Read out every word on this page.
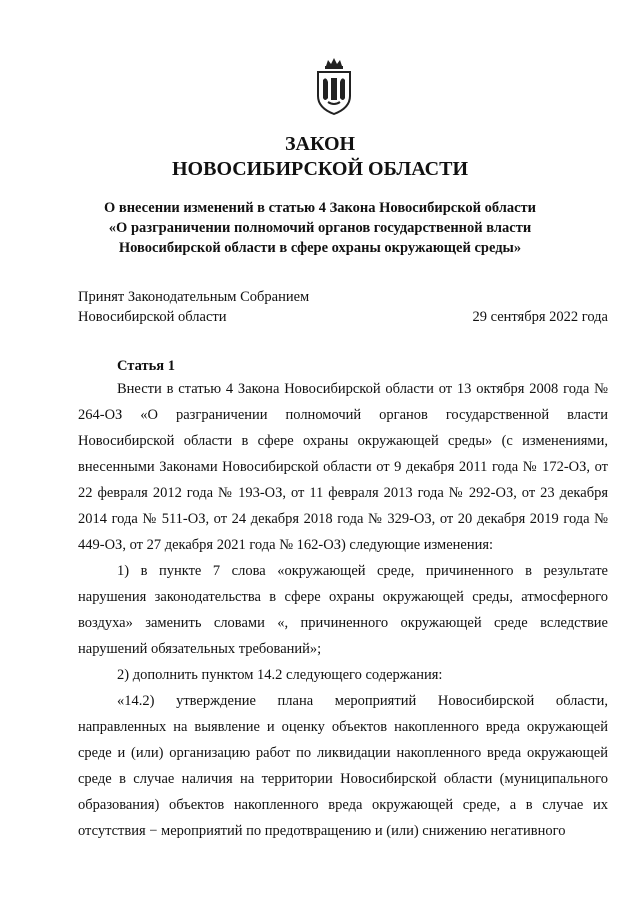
ЗАКОН
НОВОСИБИРСКОЙ ОБЛАСТИ
О внесении изменений в статью 4 Закона Новосибирской области
«О разграничении полномочий органов государственной власти
Новосибирской области в сфере охраны окружающей среды»
Принят Законодательным Собранием
Новосибирской области	29 сентября 2022 года
Статья 1

Внести в статью 4 Закона Новосибирской области от 13 октября 2008 года № 264-ОЗ «О разграничении полномочий органов государственной власти Новосибирской области в сфере охраны окружающей среды» (с изменениями, внесенными Законами Новосибирской области от 9 декабря 2011 года № 172-ОЗ, от 22 февраля 2012 года № 193-ОЗ, от 11 февраля 2013 года № 292-ОЗ, от 23 декабря 2014 года № 511-ОЗ, от 24 декабря 2018 года № 329-ОЗ, от 20 декабря 2019 года № 449-ОЗ, от 27 декабря 2021 года № 162-ОЗ) следующие изменения:

1) в пункте 7 слова «окружающей среде, причиненного в результате нарушения законодательства в сфере охраны окружающей среды, атмосферного воздуха» заменить словами «, причиненного окружающей среде вследствие нарушений обязательных требований»;

2) дополнить пунктом 14.2 следующего содержания:

«14.2) утверждение плана мероприятий Новосибирской области, направленных на выявление и оценку объектов накопленного вреда окружающей среде и (или) организацию работ по ликвидации накопленного вреда окружающей среде в случае наличия на территории Новосибирской области (муниципального образования) объектов накопленного вреда окружающей среде, а в случае их отсутствия − мероприятий по предотвращению и (или) снижению негативного
